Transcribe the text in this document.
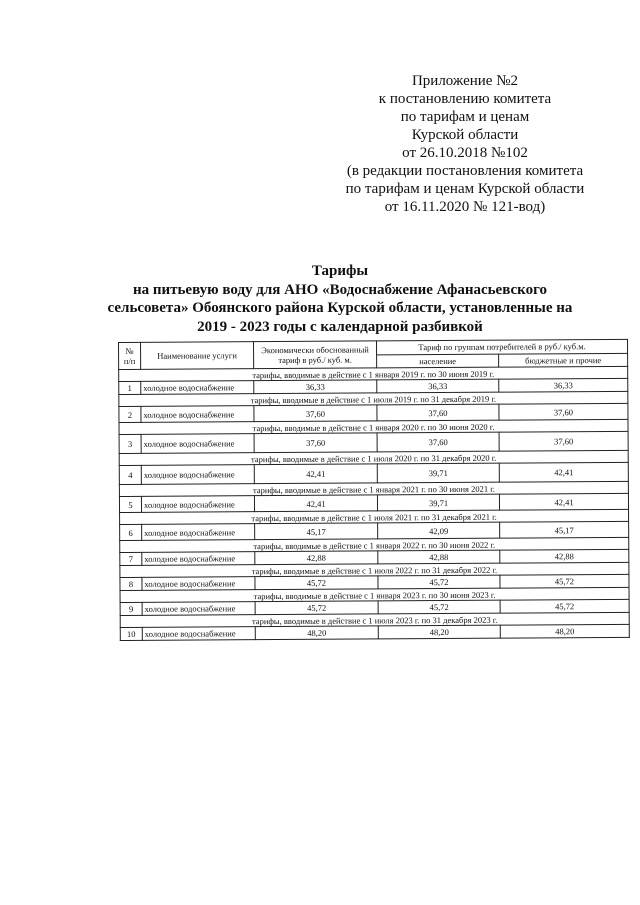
Приложение №2
к постановлению комитета
по тарифам и ценам
Курской области
от 26.10.2018 №102
(в редакции постановления комитета
по тарифам и ценам Курской области
от 16.11.2020 № 121-вод)
Тарифы
на питьевую воду для АНО «Водоснабжение Афанасьевского
сельсовета» Обоянского района Курской области, установленные на
2019 - 2023 годы с календарной разбивкой
№ п/п	Наименование услуги	Экономически обоснованный тариф в руб./ куб. м.	Тариф по группам потребителей в руб./ куб.м.	
			население	бюджетные и прочие
тарифы, вводимые в действие с 1 января 2019 г. по 30 июня 2019 г.				
1	холодное водоснабжение	36,33	36,33	36,33
тарифы, вводимые в действие с 1 июля 2019 г. по 31 декабря 2019 г.				
2	холодное водоснабжение	37,60	37,60	37,60
тарифы, вводимые в действие с 1 января 2020 г. по 30 июня 2020 г.				
3	холодное водоснабжение	37,60	37,60	37,60
тарифы, вводимые в действие с 1 июля 2020 г. по 31 декабря 2020 г.				
4	холодное водоснабжение	42,41	39,71	42,41
тарифы, вводимые в действие с 1 января 2021 г. по 30 июня 2021 г.				
5	холодное водоснабжение	42,41	39,71	42,41
тарифы, вводимые в действие с 1 июля 2021 г. по 31 декабря 2021 г.				
6	холодное водоснабжение	45,17	42,09	45,17
тарифы, вводимые в действие с 1 января 2022 г. по 30 июня 2022 г.				
7	холодное водоснабжение	42,88	42,88	42,88
тарифы, вводимые в действие с 1 июля 2022 г. по 31 декабря 2022 г.				
8	холодное водоснабжение	45,72	45,72	45,72
тарифы, вводимые в действие с 1 января 2023 г. по 30 июня 2023 г.				
9	холодное водоснабжение	45,72	45,72	45,72
тарифы, вводимые в действие с 1 июля 2023 г. по 31 декабря 2023 г.				
10	холодное водоснабжение	48,20	48,20	48,20
